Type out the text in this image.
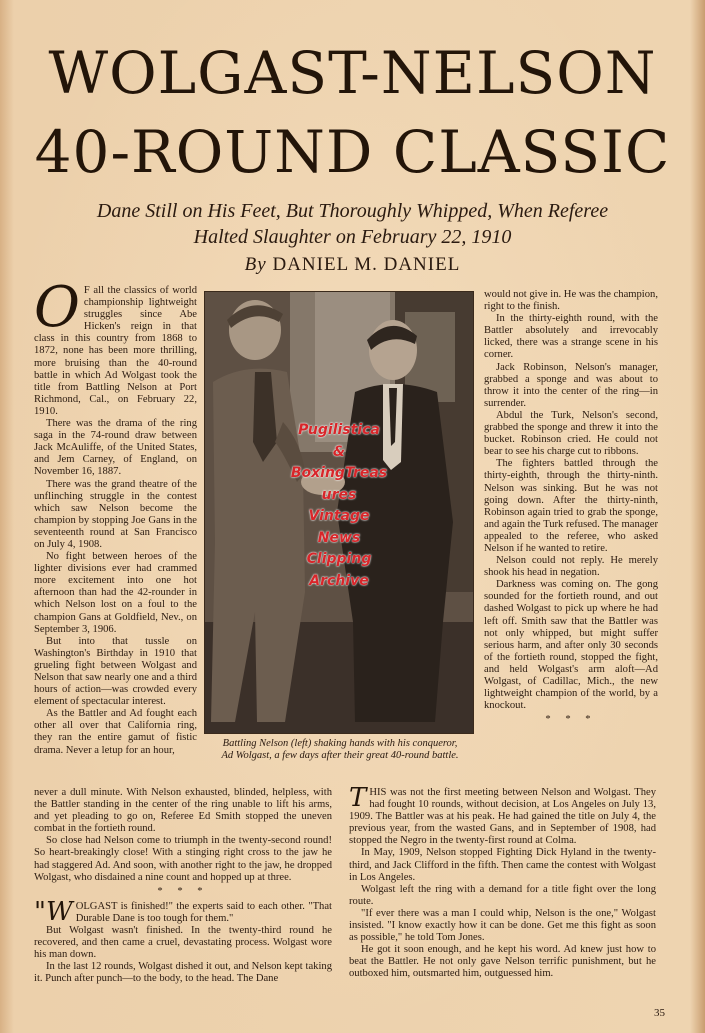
WOLGAST-NELSON
40-ROUND CLASSIC
Dane Still on His Feet, But Thoroughly Whipped, When Referee
Halted Slaughter on February 22, 1910
By DANIEL M. DANIEL
O F all the classics of world championship lightweight struggles since Abe Hicken's reign in that class in this country from 1868 to 1872, none has been more thrilling, more bruising than the 40-round battle in which Ad Wolgast took the title from Battling Nelson at Port Richmond, Cal., on February 22, 1910.

There was the drama of the ring saga in the 74-round draw between Jack McAuliffe, of the United States, and Jem Carney, of England, on November 16, 1887.

There was the grand theatre of the unflinching struggle in the contest which saw Nelson become the champion by stopping Joe Gans in the seventeenth round at San Francisco on July 4, 1908.

No fight between heroes of the lighter divisions ever had crammed more excitement into one hot afternoon than had the 42-rounder in which Nelson lost on a foul to the champion Gans at Goldfield, Nev., on September 3, 1906.

But into that tussle on Washington's Birthday in 1910 that grueling fight between Wolgast and Nelson that saw nearly one and a third hours of action—was crowded every element of spectacular interest.

As the Battler and Ad fought each other all over that California ring, they ran the entire gamut of fistic drama. Never a letup for an hour,

Pugilistica
&
BoxingTreas
ures
Vintage
News
Clipping
Archive
Battling Nelson (left) shaking hands with his conqueror,
Ad Wolgast, a few days after their great 40-round battle.

would not give in. He was the champion, right to the finish.

In the thirty-eighth round, with the Battler absolutely and irrevocably licked, there was a strange scene in his corner.

Jack Robinson, Nelson's manager, grabbed a sponge and was about to throw it into the center of the ring—in surrender.

Abdul the Turk, Nelson's second, grabbed the sponge and threw it into the bucket. Robinson cried. He could not bear to see his charge cut to ribbons.

The fighters battled through the thirty-eighth, through the thirty-ninth. Nelson was sinking. But he was not going down. After the thirty-ninth, Robinson again tried to grab the sponge, and again the Turk refused. The manager appealed to the referee, who asked Nelson if he wanted to retire.

Nelson could not reply. He merely shook his head in negation.

Darkness was coming on. The gong sounded for the fortieth round, and out dashed Wolgast to pick up where he had left off. Smith saw that the Battler was not only whipped, but might suffer serious harm, and after only 30 seconds of the fortieth round, stopped the fight, and held Wolgast's arm aloft—Ad Wolgast, of Cadillac, Mich., the new lightweight champion of the world, by a knockout.

* * *

never a dull minute. With Nelson exhausted, blinded, helpless, with the Battler standing in the center of the ring unable to lift his arms, and yet pleading to go on, Referee Ed Smith stopped the uneven combat in the fortieth round.

So close had Nelson come to triumph in the twenty-second round! So heart-breakingly close! With a stinging right cross to the jaw he had staggered Ad. And soon, with another right to the jaw, he dropped Wolgast, who disdained a nine count and hopped up at three.

* * *
"W OLGAST is finished!" the experts said to each other. "That Durable Dane is too tough for them."

But Wolgast wasn't finished. In the twenty-third round he recovered, and then came a cruel, devastating process. Wolgast wore his man down.

In the last 12 rounds, Wolgast dished it out, and Nelson kept taking it. Punch after punch—to the body, to the head. The Dane

T HIS was not the first meeting between Nelson and Wolgast. They had fought 10 rounds, without decision, at Los Angeles on July 13, 1909. The Battler was at his peak. He had gained the title on July 4, the previous year, from the wasted Gans, and in September of 1908, had stopped the Negro in the twenty-first round at Colma.

In May, 1909, Nelson stopped Fighting Dick Hyland in the twenty-third, and Jack Clifford in the fifth. Then came the contest with Wolgast in Los Angeles.

Wolgast left the ring with a demand for a title fight over the long route.

"If ever there was a man I could whip, Nelson is the one," Wolgast insisted. "I know exactly how it can be done. Get me this fight as soon as possible," he told Tom Jones.

He got it soon enough, and he kept his word. Ad knew just how to beat the Battler. He not only gave Nelson terrific punishment, but he outboxed him, outsmarted him, outguessed him.

35
